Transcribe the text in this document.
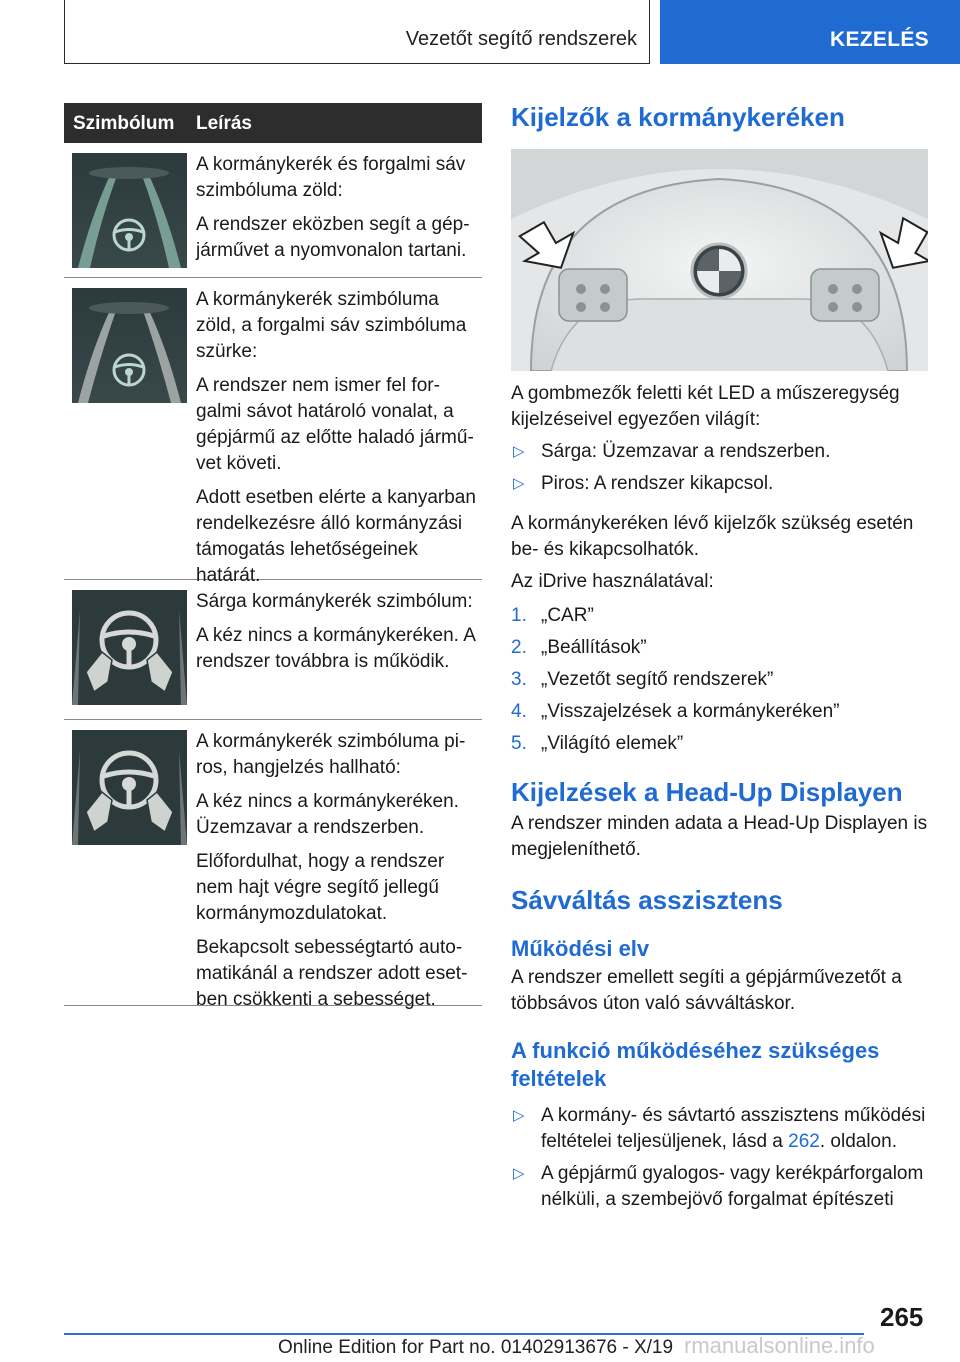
Vezetőt segítő rendszerek	KEZELÉS
Szimbólum Leírás

A kormánykerék és forgalmi sáv szimbóluma zöld:

A rendszer eközben segít a gépjárművet a nyomvonalon tartani.

A kormánykerék szimbóluma zöld, a forgalmi sáv szimbóluma szürke:

A rendszer nem ismer fel forgalmi sávot határoló vonalat, a gépjármű az előtte haladó járművet követi.

Adott esetben elérte a kanyarban rendelkezésre álló kormányzási támogatás lehetőségeinek határát.

Sárga kormánykerék szimbólum:

A kéz nincs a kormánykeréken. A rendszer továbbra is működik.

A kormánykerék szimbóluma piros, hangjelzés hallható:

A kéz nincs a kormánykeréken. Üzemzavar a rendszerben.

Előfordulhat, hogy a rendszer nem hajt végre segítő jellegű kormánymozdulatokat.

Bekapcsolt sebességtartó automatikánál a rendszer adott esetben csökkenti a sebességet.

Kijelzők a kormánykeréken

A gombmezők feletti két LED a műszeregység kijelzéseivel egyezően világít:

▷ Sárga: Üzemzavar a rendszerben.
▷ Piros: A rendszer kikapcsol.

A kormánykeréken lévő kijelzők szükség esetén be- és kikapcsolhatók.

Az iDrive használatával:

1. „CAR”
2. „Beállítások”
3. „Vezetőt segítő rendszerek”
4. „Visszajelzések a kormánykeréken”
5. „Világító elemek”
Kijelzések a Head-Up Displayen

A rendszer minden adata a Head-Up Displayen is megjeleníthető.

Sávváltás asszisztens
Működési elv

A rendszer emellett segíti a gépjárművezetőt a többsávos úton való sávváltáskor.

A funkció működéséhez szükséges feltételek
▷ A kormány- és sávtartó asszisztens működési feltételei teljesüljenek, lásd a 262. oldalon.
▷ A gépjármű gyalogos- vagy kerékpárforgalom nélküli, a szembejövő forgalmat építészeti
265
Online Edition for Part no. 01402913676 - X/19 rmanualsonline.info
